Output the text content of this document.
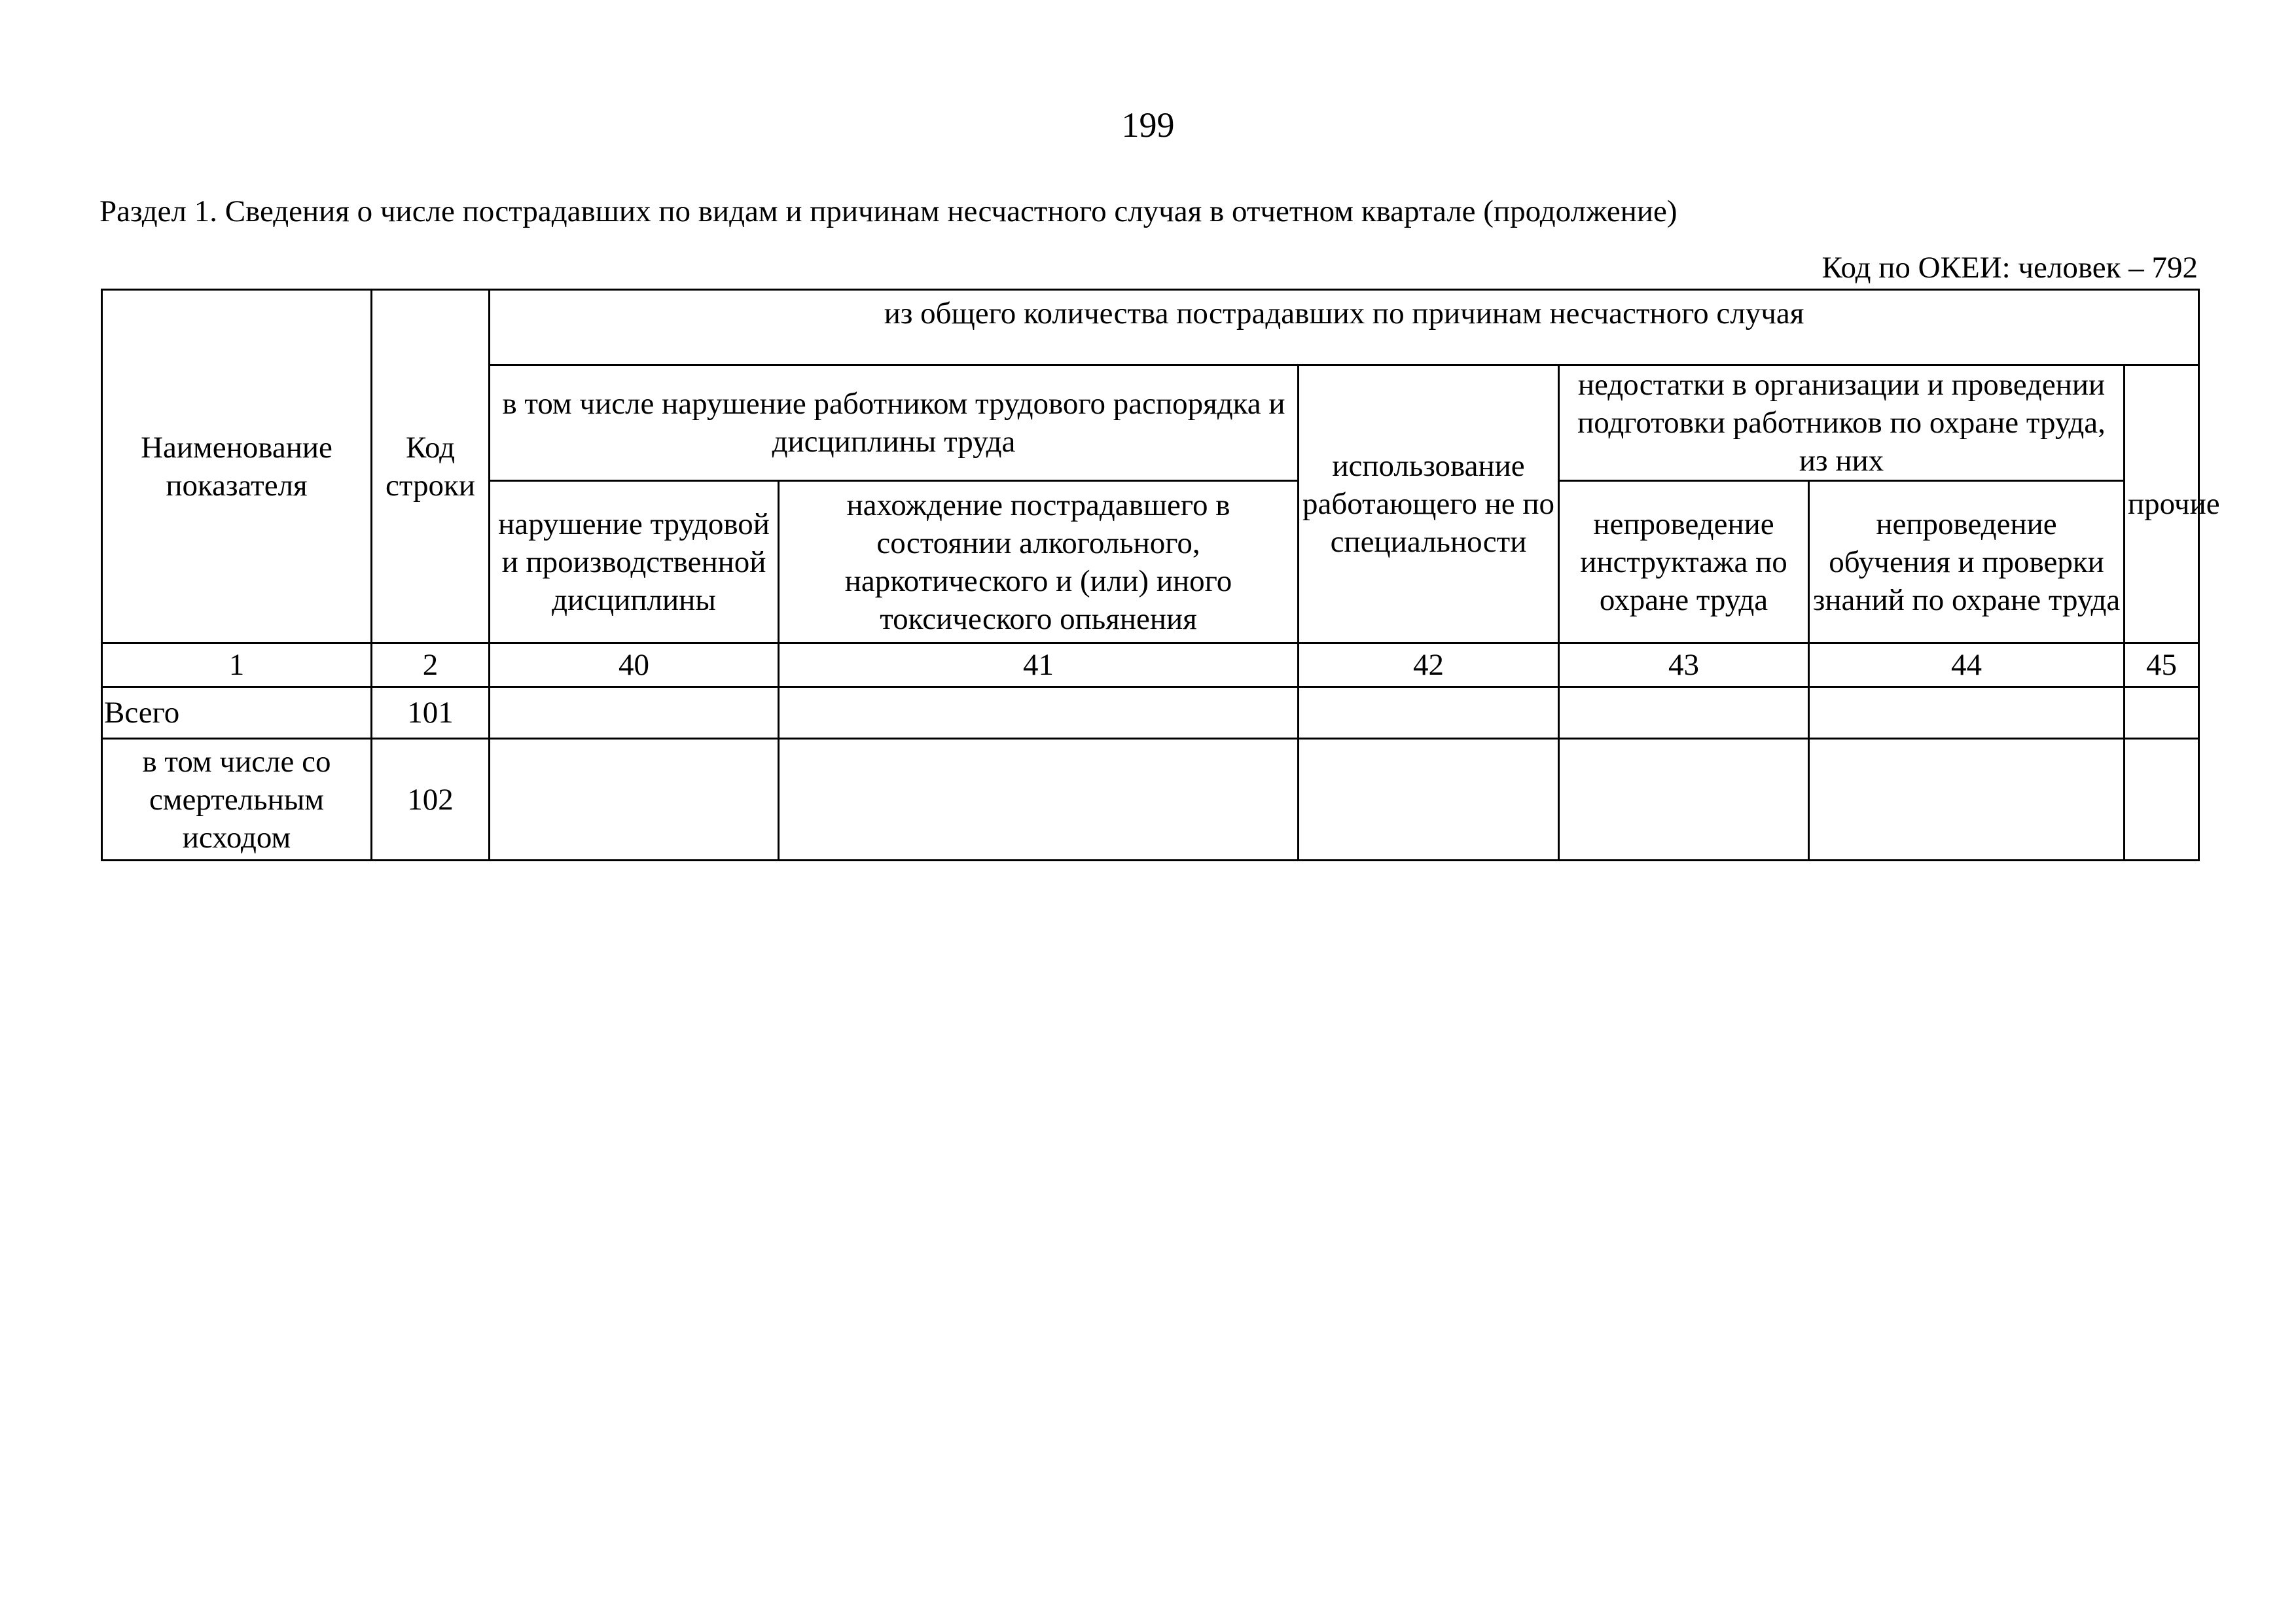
199
Раздел 1. Сведения о числе пострадавших по видам и причинам несчастного случая в отчетном квартале (продолжение)
Код по ОКЕИ: человек – 792
Наименование показателя	Код строки	из общего количества пострадавших по причинам несчастного случая					
		в том числе нарушение работником трудового распорядка и дисциплины труда		использование работающего не по специальности	недостатки в организации и проведении подготовки работников по охране труда, из них		прочие
		нарушение трудовой и производственной дисциплины	нахождение пострадавшего в состоянии алкогольного, наркотического и (или) иного токсического опьянения		непроведение инструктажа по охране труда	непроведение обучения и проверки знаний по охране труда	
1	2	40	41	42	43	44	45
Всего	101						
в том числе со смертельным исходом	102						
